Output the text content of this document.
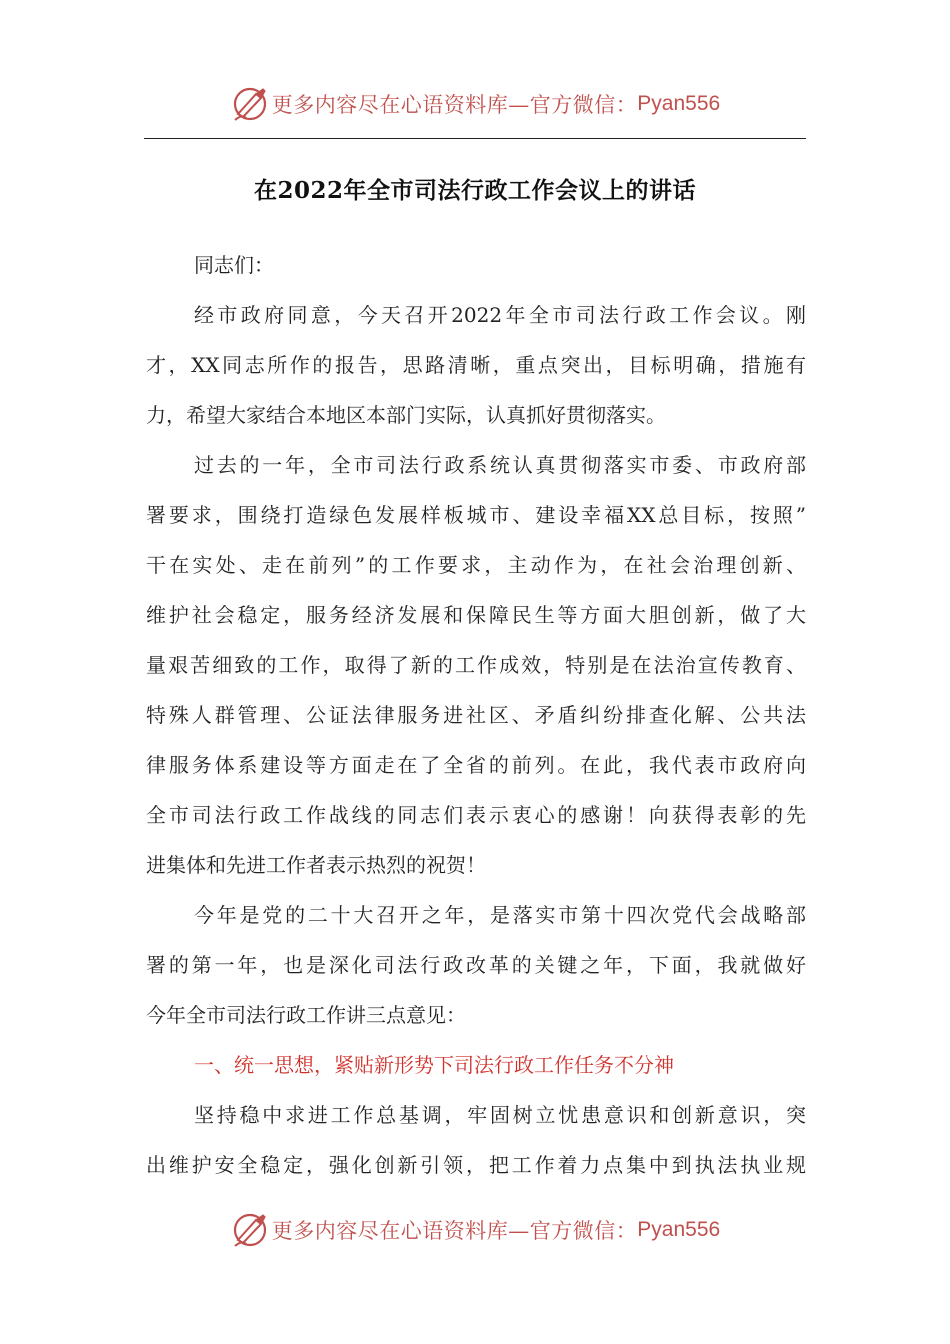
更多内容尽在心语资料库—官方微信： Pyan556
在2022年全市司法行政工作会议上的讲话
同志们：
经市政府同意，今天召开2022年全市司法行政工作会议。刚
才，XX同志所作的报告，思路清晰，重点突出，目标明确，措施有
力，希望大家结合本地区本部门实际，认真抓好贯彻落实。
过去的一年，全市司法行政系统认真贯彻落实市委、市政府部
署要求，围绕打造绿色发展样板城市、建设幸福XX总目标，按照”
干在实处、走在前列”的工作要求，主动作为，在社会治理创新、
维护社会稳定，服务经济发展和保障民生等方面大胆创新，做了大
量艰苦细致的工作，取得了新的工作成效，特别是在法治宣传教育、
特殊人群管理、公证法律服务进社区、矛盾纠纷排查化解、公共法
律服务体系建设等方面走在了全省的前列。在此，我代表市政府向
全市司法行政工作战线的同志们表示衷心的感谢！向获得表彰的先
进集体和先进工作者表示热烈的祝贺！
今年是党的二十大召开之年，是落实市第十四次党代会战略部
署的第一年，也是深化司法行政改革的关键之年，下面，我就做好
今年全市司法行政工作讲三点意见：
一、统一思想，紧贴新形势下司法行政工作任务不分神
坚持稳中求进工作总基调，牢固树立忧患意识和创新意识，突
出维护安全稳定，强化创新引领，把工作着力点集中到执法执业规
更多内容尽在心语资料库—官方微信： Pyan556
